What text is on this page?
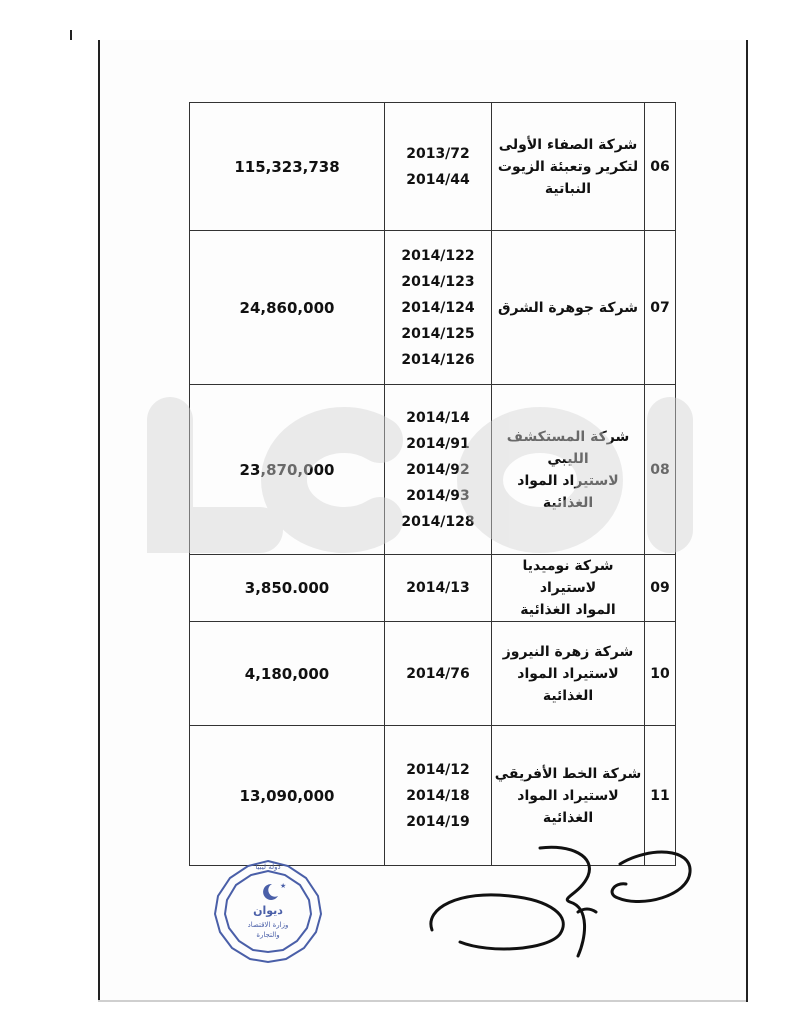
06	شركة الصفاء الأولى
لتكرير وتعبئة الزيوت
النباتية	2013/72
2014/44	115,323,738
07	شركة جوهرة الشرق	2014/122
2014/123
2014/124
2014/125
2014/126	24,860,000
08	شركة المستكشف الليبي
لاستيراد المواد الغذائية	2014/14
2014/91
2014/92
2014/93
2014/128	23,870,000
09	شركة نوميديا لاستيراد
المواد الغذائية	2014/13	3,850.000
10	شركة زهرة النيروز
لاستيراد المواد الغذائية	2014/76	4,180,000
11	شركة الخط الأفريقي
لاستيراد المواد الغذائية	2014/12
2014/18
2014/19	13,090,000
★
دولة ليبيا
ديوان
وزارة الاقتصاد
والتجارة
